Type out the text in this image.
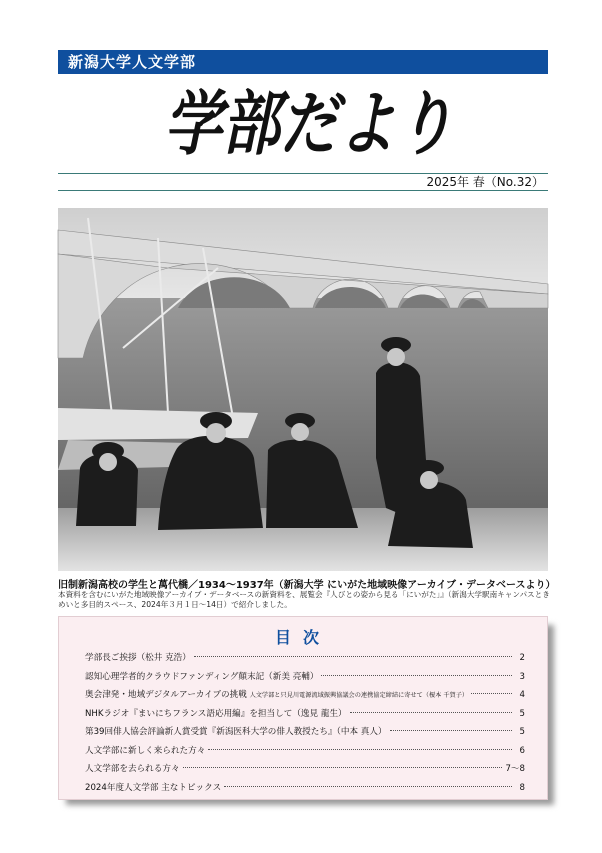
新潟大学人文学部
学部だより
2025年 春（No.32）
旧制新潟高校の学生と萬代橋／1934～1937年（新潟大学 にいがた地域映像アーカイブ・データベースより）
本資料を含むにいがた地域映像アーカイブ・データベースの新資料を、展覧会『人びとの姿から見る「にいがた」』（新潟大学駅南キャンパスときめいと多目的スペース、2024年３月１日～14日）で紹介しました。
目次
学部長ご挨拶（松井 克浩）	2
認知心理学者的クラウドファンディング顛末記（新美 亮輔）	3
奥会津発・地域デジタルアーカイブの挑戦 人文学部と只見川電源流域振興協議会の連携協定締結に寄せて（榎本 千賀子）	4
NHKラジオ『まいにちフランス語応用編』を担当して（逸見 龍生）	5
第39回俳人協会評論新人賞受賞『新潟医科大学の俳人教授たち』（中本 真人）	5
人文学部に新しく来られた方々	6
人文学部を去られる方々	7～8
2024年度人文学部 主なトピックス	8
